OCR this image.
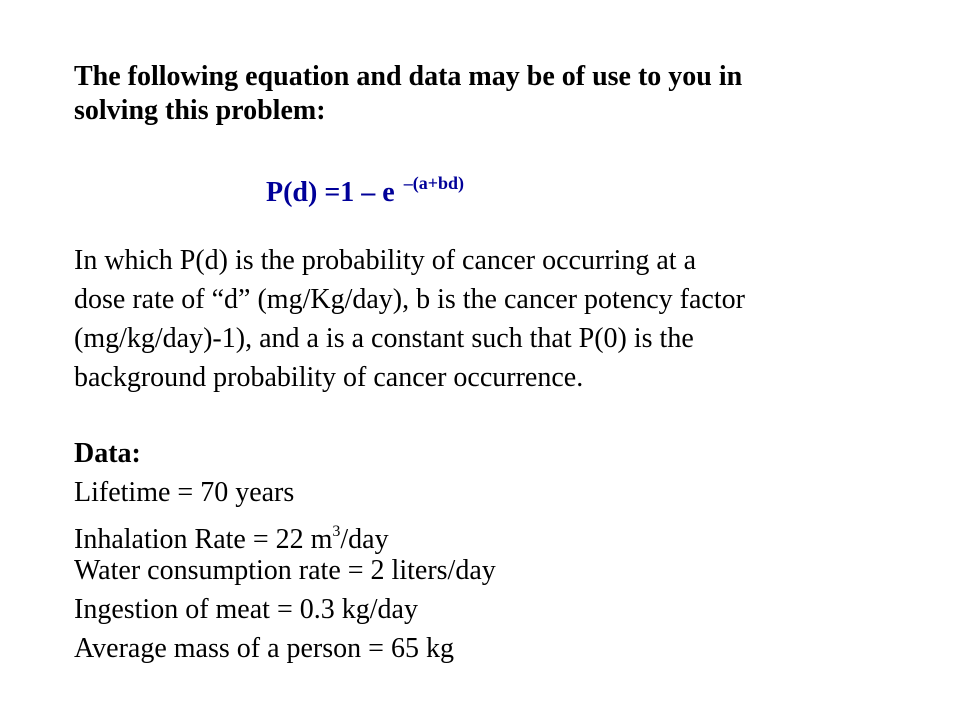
The following equation and data may be of use to you in
solving this problem:
P(d) =1 – e $^{-(a+bd)}$
In which P(d) is the probability of cancer occurring at a
dose rate of “d” (mg/Kg/day), b is the cancer potency factor
(mg/kg/day)-1), and a is a constant such that P(0) is the
background probability of cancer occurrence.
Data:
Lifetime = 70 years
Inhalation Rate = 22 $m^3$/day
Water consumption rate = 2 liters/day
Ingestion of meat = 0.3 kg/day
Average mass of a person = 65 kg
